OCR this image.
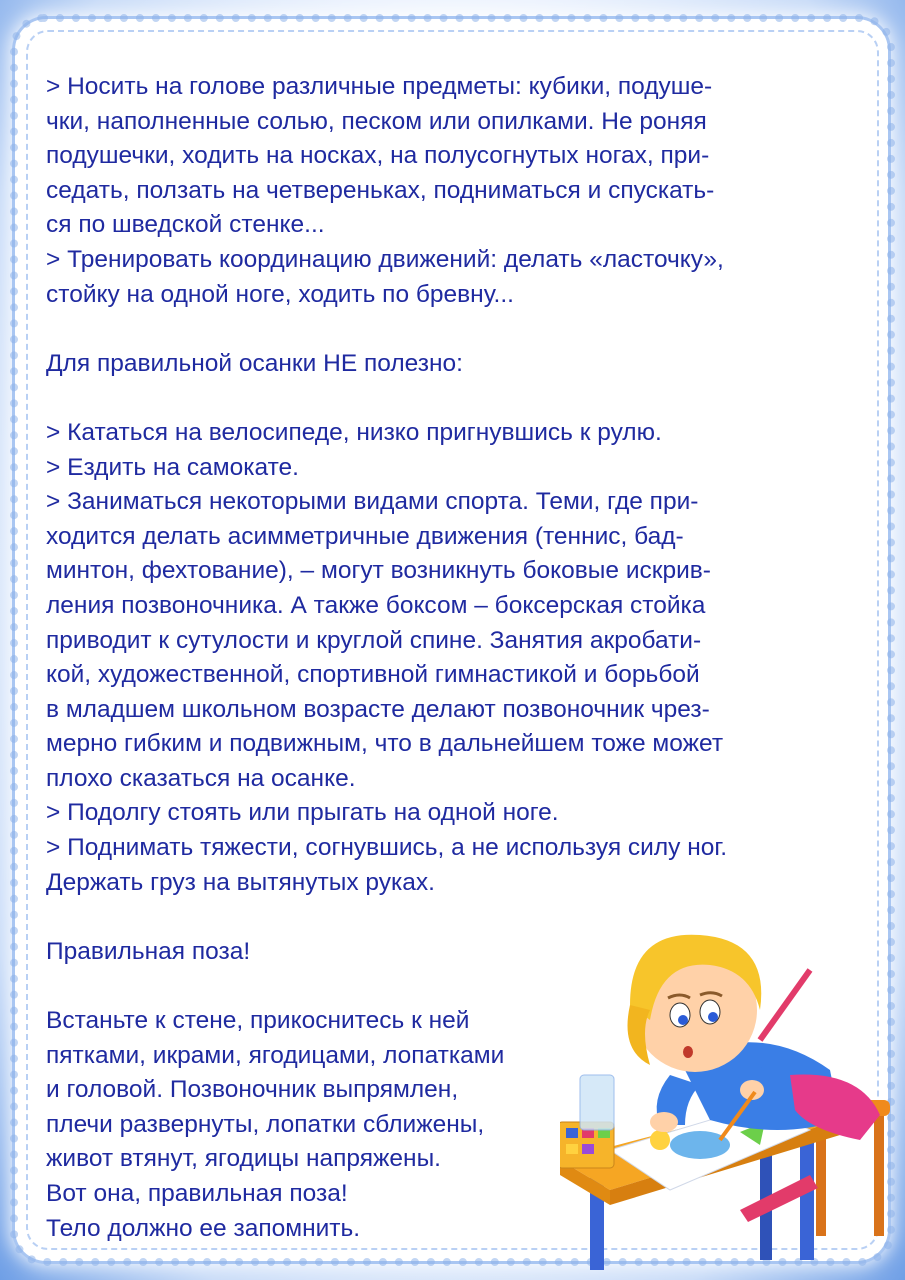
> Носить на голове различные предметы: кубики, подуше-
чки, наполненные солью, песком или опилками. Не роняя
подушечки, ходить на носках, на полусогнутых ногах, при-
седать, ползать на четвереньках, подниматься и спускать-
ся по шведской стенке...
> Тренировать координацию движений: делать «ласточку»,
стойку на одной ноге, ходить по бревну...

Для правильной осанки НЕ полезно:

> Кататься на велосипеде, низко пригнувшись к рулю.
> Ездить на самокате.
> Заниматься некоторыми видами спорта. Теми, где при-
ходится делать асимметричные движения (теннис, бад-
минтон, фехтование), – могут возникнуть боковые искрив-
ления позвоночника. А также боксом – боксерская стойка
приводит к сутулости и круглой спине. Занятия акробати-
кой, художественной, спортивной гимнастикой и борьбой
в младшем школьном возрасте делают позвоночник чрез-
мерно гибким и подвижным, что в дальнейшем тоже может
плохо сказаться на осанке.
> Подолгу стоять или прыгать на одной ноге.
> Поднимать тяжести, согнувшись, а не используя силу ног.
Держать груз на вытянутых руках.

Правильная поза!

Встаньте к стене, прикоснитесь к ней
пятками, икрами, ягодицами, лопатками
и головой. Позвоночник выпрямлен,
плечи развернуты, лопатки сближены,
живот втянут, ягодицы напряжены.
Вот она, правильная поза!
Тело должно ее запомнить.
